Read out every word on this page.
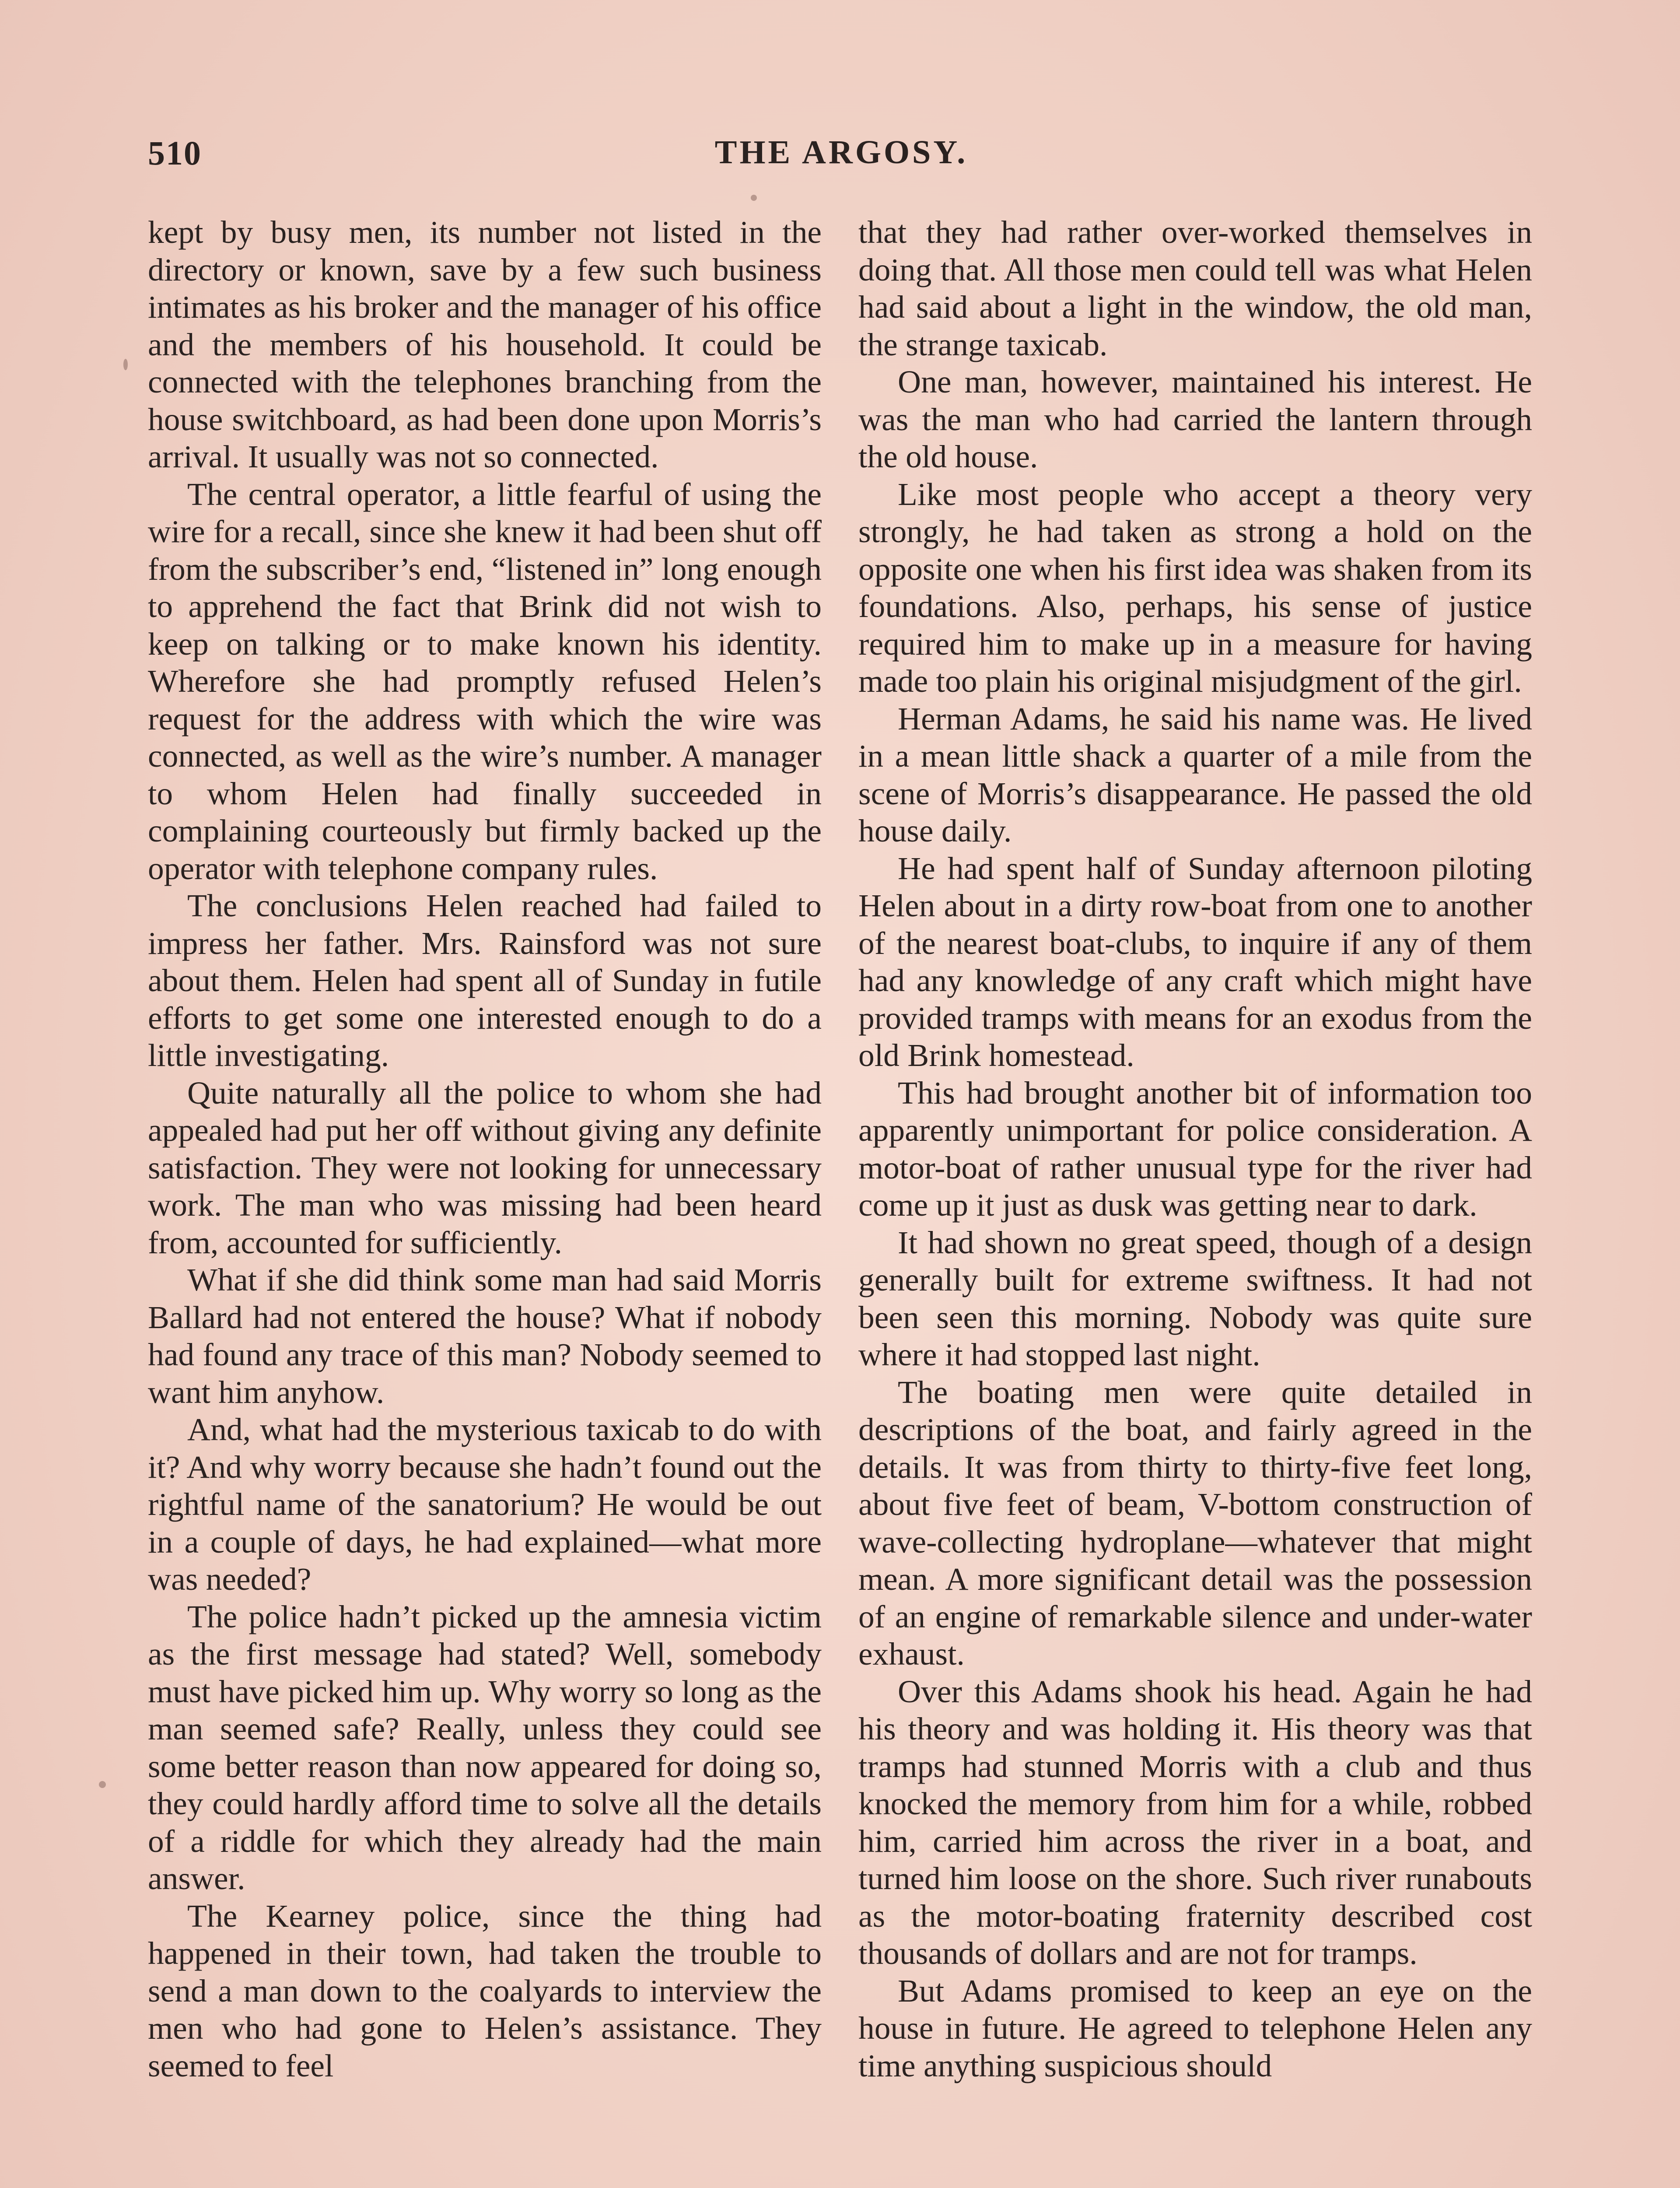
510	THE ARGOSY.

kept by busy men, its number not listed in the directory or known, save by a few such business intimates as his broker and the manager of his office and the members of his household. It could be connected with the telephones branching from the house switchboard, as had been done upon Morris’s arrival. It usually was not so connected.

The central operator, a little fearful of using the wire for a recall, since she knew it had been shut off from the subscriber’s end, “listened in” long enough to apprehend the fact that Brink did not wish to keep on talking or to make known his identity. Wherefore she had promptly refused Helen’s request for the address with which the wire was connected, as well as the wire’s number. A manager to whom Helen had finally succeeded in complaining courteously but firmly backed up the operator with telephone company rules.

The conclusions Helen reached had failed to impress her father. Mrs. Rainsford was not sure about them. Helen had spent all of Sunday in futile efforts to get some one interested enough to do a little investigating.

Quite naturally all the police to whom she had appealed had put her off without giving any definite satisfaction. They were not looking for unnecessary work. The man who was missing had been heard from, accounted for sufficiently.

What if she did think some man had said Morris Ballard had not entered the house? What if nobody had found any trace of this man? Nobody seemed to want him anyhow.

And, what had the mysterious taxicab to do with it? And why worry because she hadn’t found out the rightful name of the sanatorium? He would be out in a couple of days, he had explained—what more was needed?

The police hadn’t picked up the amnesia victim as the first message had stated? Well, somebody must have picked him up. Why worry so long as the man seemed safe? Really, unless they could see some better reason than now appeared for doing so, they could hardly afford time to solve all the details of a riddle for which they already had the main answer.

The Kearney police, since the thing had happened in their town, had taken the trouble to send a man down to the coalyards to interview the men who had gone to Helen’s assistance. They seemed to feel

that they had rather over-worked themselves in doing that. All those men could tell was what Helen had said about a light in the window, the old man, the strange taxicab.

One man, however, maintained his interest. He was the man who had carried the lantern through the old house.

Like most people who accept a theory very strongly, he had taken as strong a hold on the opposite one when his first idea was shaken from its foundations. Also, perhaps, his sense of justice required him to make up in a measure for having made too plain his original misjudgment of the girl.

Herman Adams, he said his name was. He lived in a mean little shack a quarter of a mile from the scene of Morris’s disappearance. He passed the old house daily.

He had spent half of Sunday afternoon piloting Helen about in a dirty row-boat from one to another of the nearest boat-clubs, to inquire if any of them had any knowledge of any craft which might have provided tramps with means for an exodus from the old Brink homestead.

This had brought another bit of information too apparently unimportant for police consideration. A motor-boat of rather unusual type for the river had come up it just as dusk was getting near to dark.

It had shown no great speed, though of a design generally built for extreme swiftness. It had not been seen this morning. Nobody was quite sure where it had stopped last night.

The boating men were quite detailed in descriptions of the boat, and fairly agreed in the details. It was from thirty to thirty-five feet long, about five feet of beam, V-bottom construction of wave-collecting hydroplane—whatever that might mean. A more significant detail was the possession of an engine of remarkable silence and under-water exhaust.

Over this Adams shook his head. Again he had his theory and was holding it. His theory was that tramps had stunned Morris with a club and thus knocked the memory from him for a while, robbed him, carried him across the river in a boat, and turned him loose on the shore. Such river runabouts as the motor-boating fraternity described cost thousands of dollars and are not for tramps.

But Adams promised to keep an eye on the house in future. He agreed to telephone Helen any time anything suspicious should
